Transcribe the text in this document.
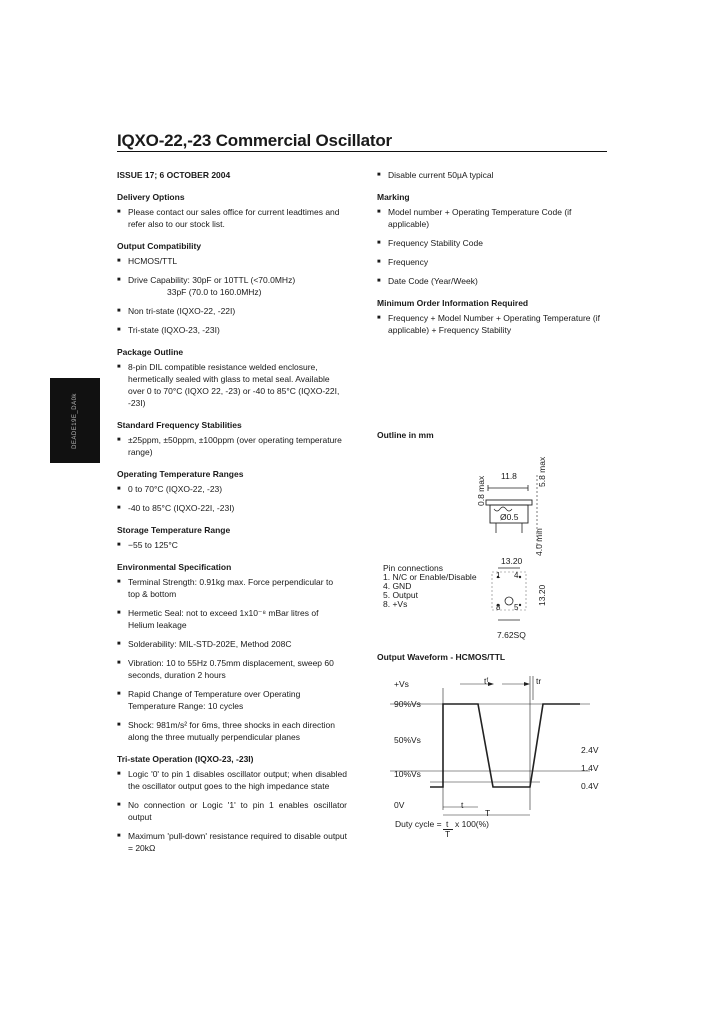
IQXO-22,-23 Commercial Oscillator
DEADE19E_DA0k
ISSUE 17; 6 OCTOBER 2004
Delivery Options
■ Please contact our sales office for current leadtimes and refer also to our stock list.
Output Compatibility
■ HCMOS/TTL
■ Drive Capability: 30pF or 10TTL (<70.0MHz)
33pF (70.0 to 160.0MHz)
■ Non tri-state (IQXO-22, -22I)
■ Tri-state (IQXO-23, -23I)
Package Outline
■ 8-pin DIL compatible resistance welded enclosure, hermetically sealed with glass to metal seal. Available over 0 to 70°C (IQXO 22, -23) or -40 to 85°C (IQXO-22I, -23I)
Standard Frequency Stabilities
■ ±25ppm, ±50ppm, ±100ppm (over operating temperature range)
Operating Temperature Ranges
■ 0 to 70°C (IQXO-22, -23)
■ -40 to 85°C (IQXO-22I, -23I)
Storage Temperature Range
■ −55 to 125°C
Environmental Specification
■ Terminal Strength: 0.91kg max. Force perpendicular to top & bottom
■ Hermetic Seal: not to exceed 1x10⁻⁸ mBar litres of Helium leakage
■ Solderability: MIL-STD-202E, Method 208C
■ Vibration: 10 to 55Hz 0.75mm displacement, sweep 60 seconds, duration 2 hours
■ Rapid Change of Temperature over Operating Temperature Range: 10 cycles
■ Shock: 981m/s² for 6ms, three shocks in each direction along the three mutually perpendicular planes
Tri-state Operation (IQXO-23, -23I)
■ Logic '0' to pin 1 disables oscillator output; when disabled the oscillator output goes to the high impedance state
■ No connection or Logic '1' to pin 1 enables oscillator output
■ Maximum 'pull-down' resistance required to disable output = 20kΩ
■ Disable current 50µA typical
Marking
■ Model number + Operating Temperature Code (if applicable)
■ Frequency Stability Code
■ Frequency
■ Date Code (Year/Week)
Minimum Order Information Required
■ Frequency + Model Number + Operating Temperature (if applicable) + Frequency Stability
Outline in mm
11.8
0.8 max
5.8 max
Ø0.5
4.0 min
13.20
13.20
7.62SQ
1 4
8 5
Pin connections
1. N/C or Enable/Disable
4. GND
5. Output
8. +Vs
Output Waveform - HCMOS/TTL
+Vs	tᶠ	tr
90%Vs
50%Vs
10%Vs
0V
2.4V
1.4V
0.4V
t
T
Duty cycle = t
T
x 100(%)
